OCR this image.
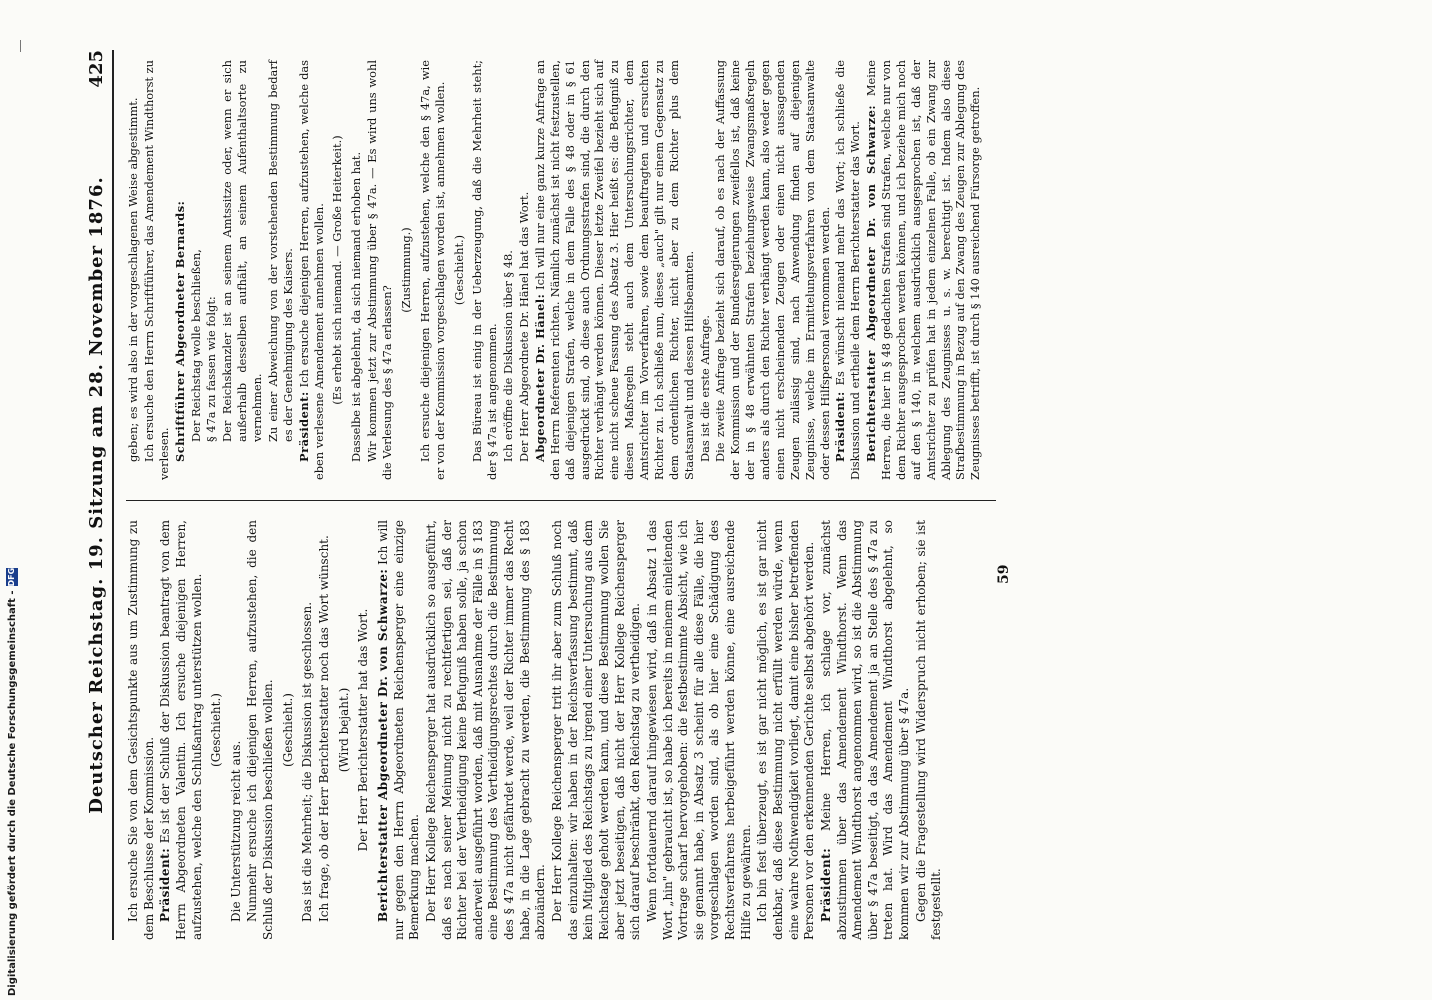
Deutscher Reichstag. 19. Sitzung am 28. November 1876.
425

Ich ersuche Sie von dem Gesichtspunkte aus um Zustimmung zu dem Beschlusse der Kommission. Präsident: Es ist der Schluß der Diskussion beantragt von dem Herrn Abgeordneten Valentin. Ich ersuche diejenigen Herren, aufzustehen, welche den Schlußantrag unterstützen wollen. (Geschieht.)

Die Unterstützung reicht aus. Nunmehr ersuche ich diejenigen Herren, aufzustehen, die den Schluß der Diskussion beschließen wollen. (Geschieht.) Das ist die Mehrheit; die Diskussion ist geschlossen. Ich frage, ob der Herr Berichterstatter noch das Wort wünscht. (Wird bejaht.) Der Herr Berichterstatter hat das Wort. Berichterstatter Abgeordneter Dr. von Schwarze: Ich will nur gegen den Herrn Abgeordneten Reichensperger eine einzige Bemerkung machen. Der Herr Kollege Reichensperger hat ausdrücklich so ausgeführt, daß es nach seiner Meinung nicht zu rechtfertigen sei, daß der Richter bei der Vertheidigung keine Befugniß haben solle, ja schon anderweit ausgeführt worden, daß mit Ausnahme der Fälle in § 183 eine Bestimmung des Vertheidigungsrechtes durch die Bestimmung des § 47a nicht gefährdet werde, weil der Richter immer das Recht habe, in die Lage gebracht zu werden, die Bestimmung des § 183 abzuändern. Der Herr Kollege Reichensperger tritt ihr aber zum Schluß noch das einzuhalten: wir haben in der Reichsverfassung bestimmt, daß kein Mitglied des Reichstags zu irgend einer Untersuchung aus dem Reichstage geholt werden kann, und diese Bestimmung wollen Sie aber jetzt beseitigen, daß nicht der Herr Kollege Reichensperger sich darauf beschränkt, den Reichstag zu vertheidigen. Wenn fortdauernd darauf hingewiesen wird, daß in Absatz 1 das Wort „hin" gebraucht ist, so habe ich bereits in meinem einleitenden Vortrage scharf hervorgehoben: die festbestimmte Absicht, wie ich sie genannt habe, in Absatz 3 scheint für alle diese Fälle, die hier vorgeschlagen worden sind, als ob hier eine Schädigung des Rechtsverfahrens herbeigeführt werden könne, eine ausreichende Hilfe zu gewähren. Ich bin fest überzeugt, es ist gar nicht möglich, es ist gar nicht denkbar, daß diese Bestimmung nicht erfüllt werden würde, wenn eine wahre Nothwendigkeit vorliegt, damit eine bisher betreffenden Personen vor den erkennenden Gerichte selbst abgehört werden. Präsident: Meine Herren, ich schlage vor, zunächst abzustimmen über das Amendement Windthorst. Wenn das Amendement Windthorst angenommen wird, so ist die Abstimmung über § 47a beseitigt, da das Amendement ja an Stelle des § 47a zu treten hat. Wird das Amendement Windthorst abgelehnt, so kommen wir zur Abstimmung über § 47a. Gegen die Fragestellung wird Widerspruch nicht erhoben; sie ist festgestellt.

geben; es wird also in der vorgeschlagenen Weise abgestimmt. Ich ersuche den Herrn Schriftführer, das Amendement Windthorst zu verlesen. Schriftführer Abgeordneter Bernards: Der Reichstag wolle beschließen, § 47a zu fassen wie folgt: Der Reichskanzler ist an seinem Amtssitze oder, wenn er sich außerhalb desselben aufhält, an seinem Aufenthaltsorte zu vernehmen. Zu einer Abweichung von der vorstehenden Bestimmung bedarf es der Genehmigung des Kaisers. Präsident: Ich ersuche diejenigen Herren, aufzustehen, welche das eben verlesene Amendement annehmen wollen. (Es erhebt sich niemand. — Große Heiterkeit.) Dasselbe ist abgelehnt, da sich niemand erhoben hat. Wir kommen jetzt zur Abstimmung über § 47a. — Es wird uns wohl die Verlesung des § 47a erlassen?

(Zustimmung.) Ich ersuche diejenigen Herren, aufzustehen, welche den § 47a, wie er von der Kommission vorgeschlagen worden ist, annehmen wollen. (Geschieht.) Das Büreau ist einig in der Ueberzeugung, daß die Mehrheit steht; der § 47a ist angenommen. Ich eröffne die Diskussion über § 48. Der Herr Abgeordnete Dr. Hänel hat das Wort. Abgeordneter Dr. Hänel: Ich will nur eine ganz kurze Anfrage an den Herrn Referenten richten. Nämlich zunächst ist nicht festzustellen, daß diejenigen Strafen, welche in dem Falle des § 48 oder in § 61 ausgedrückt sind, ob diese auch Ordnungsstrafen sind, die durch den Richter verhängt werden können. Dieser letzte Zweifel bezieht sich auf eine nicht scheue Fassung des Absatz 3. Hier heißt es: die Befugniß zu diesen Maßregeln steht auch dem Untersuchungsrichter, dem Amtsrichter im Vorverfahren, sowie dem beauftragten und ersuchten Richter zu. Ich schließe nun, dieses „auch" gilt nur einem Gegensatz zu dem ordentlichen Richter, nicht aber zu dem Richter plus dem Staatsanwalt und dessen Hilfsbeamten. Das ist die erste Anfrage. Die zweite Anfrage bezieht sich darauf, ob es nach der Auffassung der Kommission und der Bundesregierungen zweifellos ist, daß keine der in § 48 erwähnten Strafen beziehungsweise Zwangsmaßregeln anders als durch den Richter verhängt werden kann, also weder gegen einen nicht erscheinenden Zeugen oder einen nicht aussagenden Zeugen zulässig sind, nach Anwendung finden auf diejenigen Zeugnisse, welche im Ermittelungsverfahren von dem Staatsanwalte oder dessen Hilfspersonal vernommen werden. Präsident: Es wünscht niemand mehr das Wort; ich schließe die Diskussion und ertheile dem Herrn Berichterstatter das Wort. Berichterstatter Abgeordneter Dr. von Schwarze: Meine Herren, die hier in § 48 gedachten Strafen sind Strafen, welche nur von dem Richter ausgesprochen werden können, und ich beziehe mich noch auf den § 140, in welchem ausdrücklich ausgesprochen ist, daß der Amtsrichter zu prüfen hat in jedem einzelnen Falle, ob ein Zwang zur Ablegung des Zeugnisses u. s. w. berechtigt ist. Indem also diese Strafbestimmung in Bezug auf den Zwang des Zeugen zur Ablegung des Zeugnisses betrifft, ist durch § 140 ausreichend Fürsorge getroffen.

59
Digitalisierung gefördert durch die Deutsche Forschungsgemeinschaft -
DFG
